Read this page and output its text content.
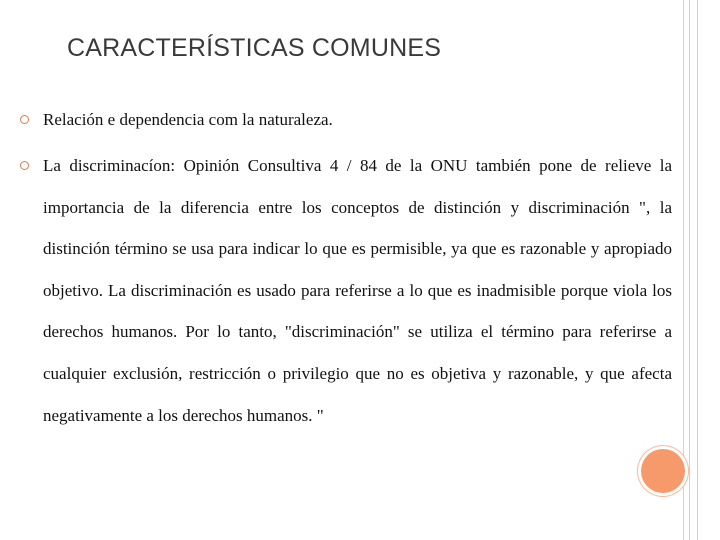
CARACTERÍSTICAS COMUNES
Relación e dependencia com la naturaleza.
La discriminacíon: Opinión Consultiva 4 / 84 de la ONU también pone de relieve la importancia de la diferencia entre los conceptos de distinción y discriminación ", la distinción término se usa para indicar lo que es permisible, ya que es razonable y apropiado objetivo. La discriminación es usado para referirse a lo que es inadmisible porque viola los derechos humanos. Por lo tanto, "discriminación" se utiliza el término para referirse a cualquier exclusión, restricción o privilegio que no es objetiva y razonable, y que afecta negativamente a los derechos humanos. "
